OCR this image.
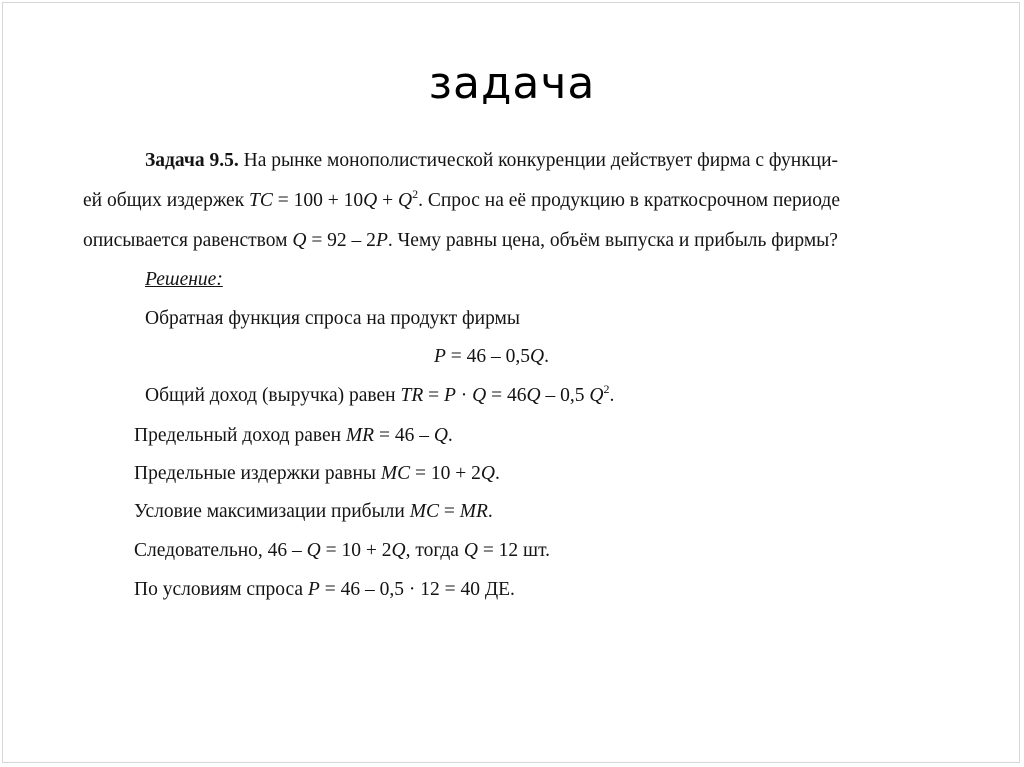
задача
Задача 9.5. На рынке монополистической конкуренции действует фирма с функци-
ей общих издержек TC = $100 + 10Q + Q^2$. Спрос на её продукцию в краткосрочном периоде
описывается равенством Q = 92 – 2P. Чему равны цена, объём выпуска и прибыль фирмы?
Решение:
Обратная функция спроса на продукт фирмы
P = 46 – 0,5Q.
Общий доход (выручка) равен TR = P · Q = 46Q – 0,5 $Q^2$.
Предельный доход равен MR = 46 – Q.
Предельные издержки равны MC = 10 + 2Q.
Условие максимизации прибыли MC = MR.
Следовательно, 46 – Q = 10 + 2Q, тогда Q = 12 шт.
По условиям спроса P = 46 – 0,5 · 12 = 40 ДЕ.
